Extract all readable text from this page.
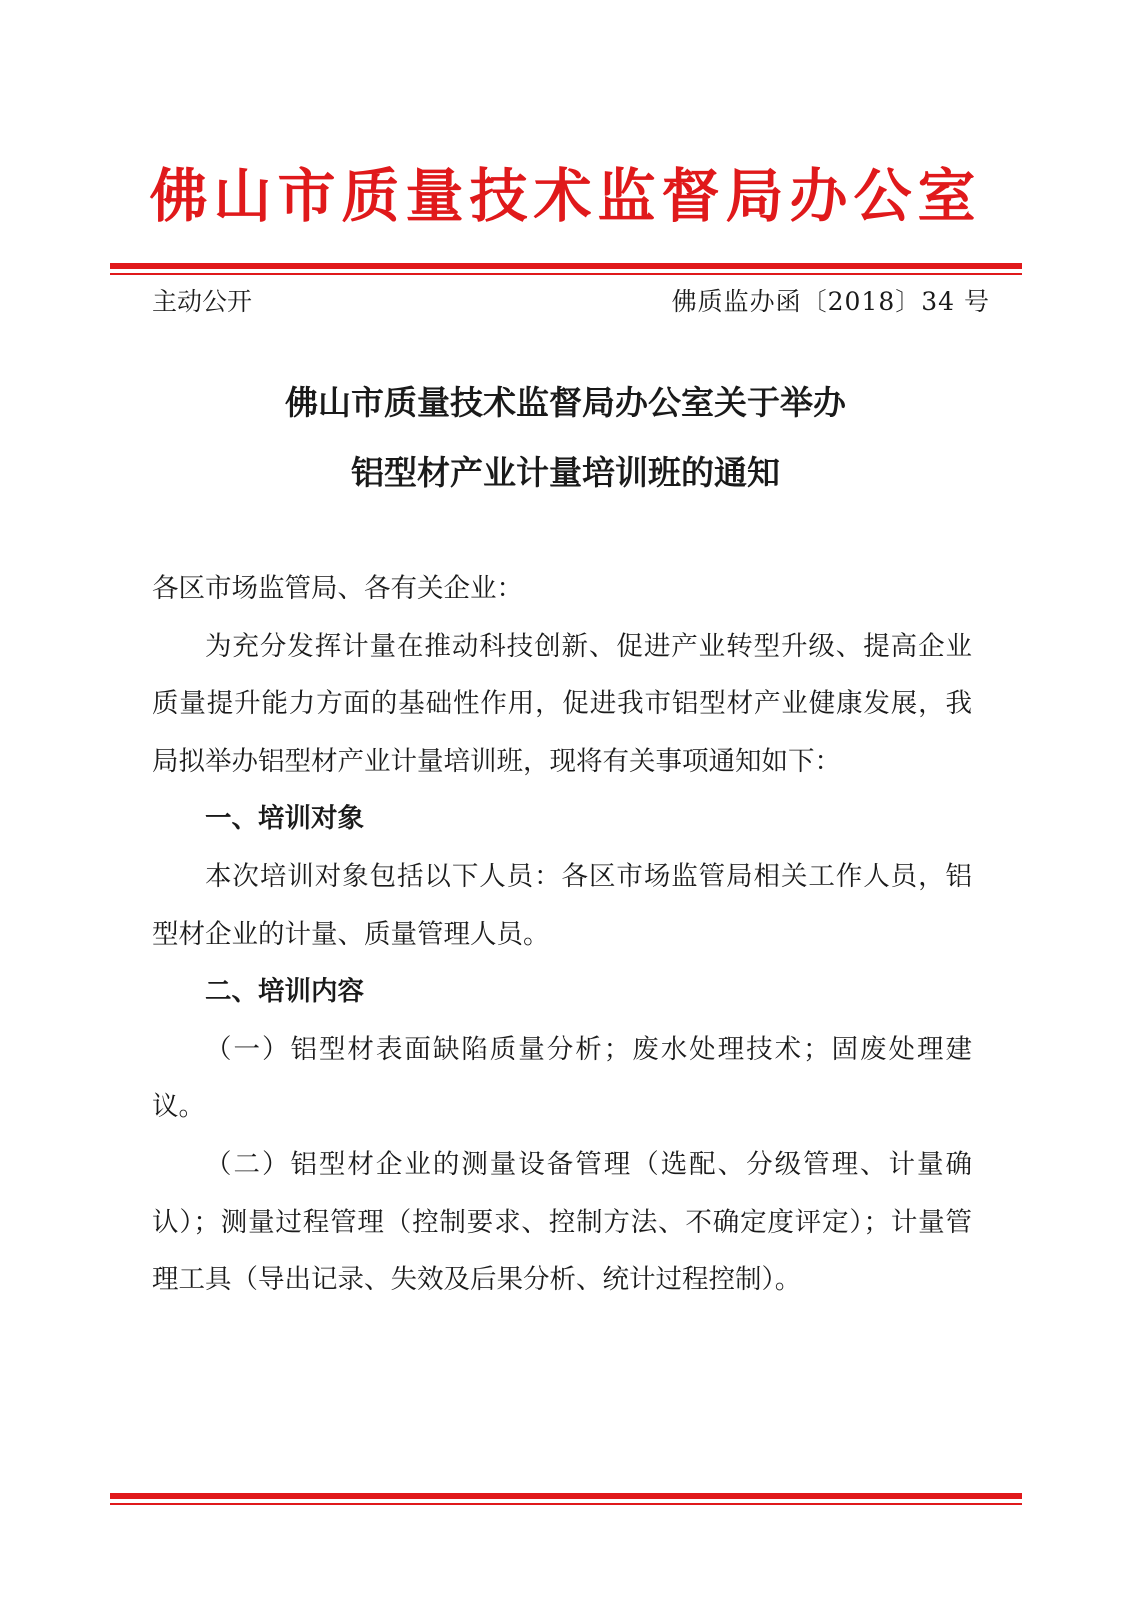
佛山市质量技术监督局办公室
主动公开	佛质监办函〔2018〕34 号
佛山市质量技术监督局办公室关于举办
铝型材产业计量培训班的通知

各区市场监管局、各有关企业：

为充分发挥计量在推动科技创新、促进产业转型升级、提高企业质量提升能力方面的基础性作用，促进我市铝型材产业健康发展，我局拟举办铝型材产业计量培训班，现将有关事项通知如下：

一、培训对象

本次培训对象包括以下人员：各区市场监管局相关工作人员，铝型材企业的计量、质量管理人员。

二、培训内容

（一）铝型材表面缺陷质量分析；废水处理技术；固废处理建议。

（二）铝型材企业的测量设备管理（选配、分级管理、计量确认）；测量过程管理（控制要求、控制方法、不确定度评定）；计量管理工具（导出记录、失效及后果分析、统计过程控制）。
